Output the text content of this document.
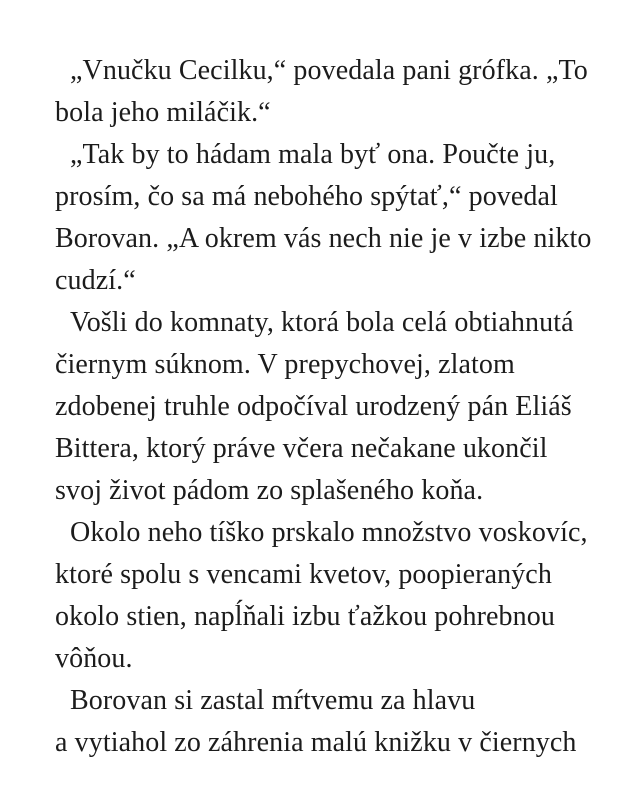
„Vnučku Cecilku,“ povedala pani grófka. „To
bola jeho miláčik.“
„Tak by to hádam mala byť ona. Poučte ju,
prosím, čo sa má nebohého spýtať,“ povedal
Borovan. „A okrem vás nech nie je v izbe nikto
cudzí.“
Vošli do komnaty, ktorá bola celá obtiahnutá
čiernym súknom. V prepychovej, zlatom
zdobenej truhle odpočíval urodzený pán Eliáš
Bittera, ktorý práve včera nečakane ukončil
svoj život pádom zo splašeného koňa.
Okolo neho tíško prskalo množstvo voskovíc,
ktoré spolu s vencami kvetov, poopieraných
okolo stien, napĺňali izbu ťažkou pohrebnou
vôňou.
Borovan si zastal mŕtvemu za hlavu
a vytiahol zo záhrenia malú knižku v čiernych
